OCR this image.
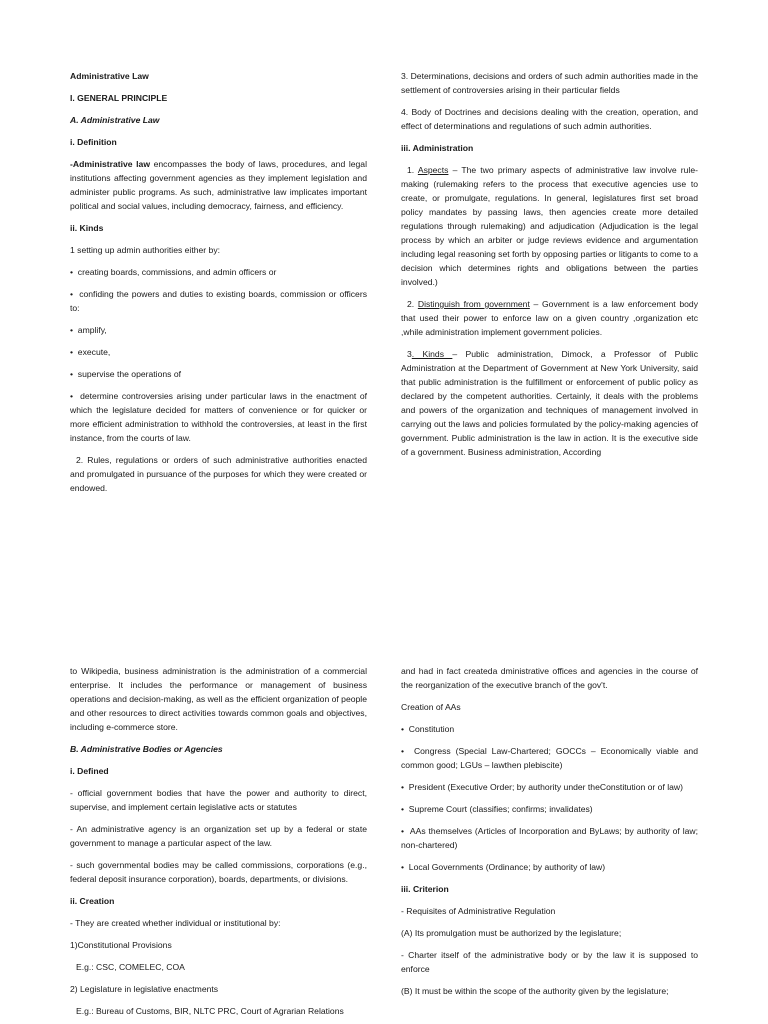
Administrative Law

I. GENERAL PRINCIPLE

A. Administrative Law

i. Definition

-Administrative law encompasses the body of laws, procedures, and legal institutions affecting government agencies as they implement legislation and administer public programs. As such, administrative law implicates important political and social values, including democracy, fairness, and efficiency.

ii. Kinds

1 setting up admin authorities either by:

•  creating boards, commissions, and admin officers or

•  confiding the powers and duties to existing boards, commission or officers to:

•  amplify,

•  execute,

•  supervise the operations of

•  determine controversies arising under particular laws in the enactment of which the legislature decided for matters of convenience or for quicker or more efficient administration to withhold the controversies, at least in the first instance, from the courts of law.

2. Rules, regulations or orders of such administrative authorities enacted and promulgated in pursuance of the purposes for which they were created or endowed.

3. Determinations, decisions and orders of such admin authorities made in the settlement of controversies arising in their particular fields

4. Body of Doctrines and decisions dealing with the creation, operation, and effect of determinations and regulations of such admin authorities.

iii. Administration

1. Aspects – The two primary aspects of administrative law involve rule-making (rulemaking refers to the process that executive agencies use to create, or promulgate, regulations. In general, legislatures first set broad policy mandates by passing laws, then agencies create more detailed regulations through rulemaking) and adjudication (Adjudication is the legal process by which an arbiter or judge reviews evidence and argumentation including legal reasoning set forth by opposing parties or litigants to come to a decision which determines rights and obligations between the parties involved.)

2. Distinguish from government – Government is a law enforcement body that used their power to enforce law on a given country ,organization etc ,while administration implement government policies.

3. Kinds – Public administration, Dimock, a Professor of Public Administration at the Department of Government at New York University, said that public administration is the fulfillment or enforcement of public policy as declared by the competent authorities. Certainly, it deals with the problems and powers of the organization and techniques of management involved in carrying out the laws and policies formulated by the policy-making agencies of government. Public administration is the law in action. It is the executive side of a government. Business administration, According

to Wikipedia, business administration is the administration of a commercial enterprise. It includes the performance or management of business operations and decision-making, as well as the efficient organization of people and other resources to direct activities towards common goals and objectives, including e-commerce store.

B. Administrative Bodies or Agencies

i. Defined

- official government bodies that have the power and authority to direct, supervise, and implement certain legislative acts or statutes

- An administrative agency is an organization set up by a federal or state government to manage a particular aspect of the law.

- such governmental bodies may be called commissions, corporations (e.g., federal deposit insurance corporation), boards, departments, or divisions.

ii. Creation

- They are created whether individual or institutional by:

1)Constitutional Provisions

E.g.: CSC, COMELEC, COA

2) Legislature in legislative enactments

E.g.: Bureau of Customs, BIR, NLTC PRC, Court of Agrarian Relations

and had in fact createda dministrative offices and agencies in the course of the reorganization of the executive branch of the gov't.

Creation of AAs

•  Constitution

•  Congress (Special Law-Chartered; GOCCs – Economically viable and common good; LGUs – lawthen plebiscite)

•  President (Executive Order; by authority under theConstitution or of law)

•  Supreme Court (classifies; confirms; invalidates)

•  AAs themselves (Articles of Incorporation and ByLaws; by authority of law; non-chartered)

•  Local Governments (Ordinance; by authority of law)

iii. Criterion

- Requisites of Administrative Regulation

(A) Its promulgation must be authorized by the legislature;

- Charter itself of the administrative body or by the law it is supposed to enforce

(B) It must be within the scope of the authority given by the legislature;
